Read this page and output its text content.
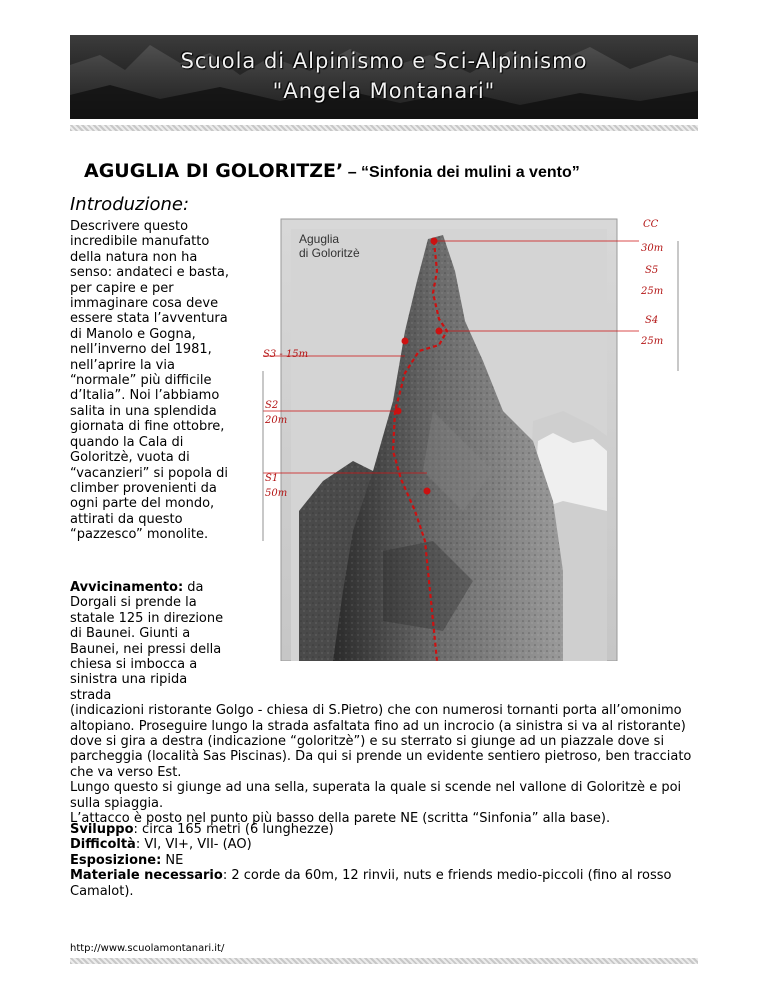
Scuola di Alpinismo e Sci-Alpinismo
"Angela Montanari"
AGUGLIA DI GOLORITZE’ – “Sinfonia dei mulini a vento”
Introduzione:
Descrivere questo incredibile manufatto della natura non ha senso: andateci e basta, per capire e per immaginare cosa deve essere stata l’avventura di Manolo e Gogna, nell’inverno del 1981, nell’aprire la via “normale” più difficile d’Italia”. Noi l’abbiamo salita in una splendida giornata di fine ottobre, quando la Cala di Goloritzè, vuota di “vacanzieri” si popola di climber provenienti da ogni parte del mondo, attirati da questo “pazzesco” monolite.
Aguglia
di Goloritzè
S3 - 15m
S2
20m
S1
50m
CC
30m
S5
25m
S4
25m
Avvicinamento: da
Dorgali si prende la
statale 125 in direzione
di Baunei. Giunti a
Baunei, nei pressi della
chiesa si imbocca a
sinistra una ripida strada

(indicazioni ristorante Golgo - chiesa di S.Pietro) che con numerosi tornanti porta all’omonimo altopiano. Proseguire lungo la strada asfaltata fino ad un incrocio (a sinistra si va al ristorante) dove si gira a destra (indicazione “goloritzè”) e su sterrato si giunge ad un piazzale dove si parcheggia (località Sas Piscinas). Da qui si prende un evidente sentiero pietroso, ben tracciato che va verso Est.

Lungo questo si giunge ad una sella, superata la quale si scende nel vallone di Goloritzè e poi sulla spiaggia.

L’attacco è posto nel punto più basso della parete NE (scritta “Sinfonia” alla base).

Sviluppo: circa 165 metri (6 lunghezze)
Difficoltà: VI, VI+, VII- (AO)
Esposizione: NE
Materiale necessario: 2 corde da 60m, 12 rinvii, nuts e friends medio-piccoli (fino al rosso Camalot).
http://www.scuolamontanari.it/
